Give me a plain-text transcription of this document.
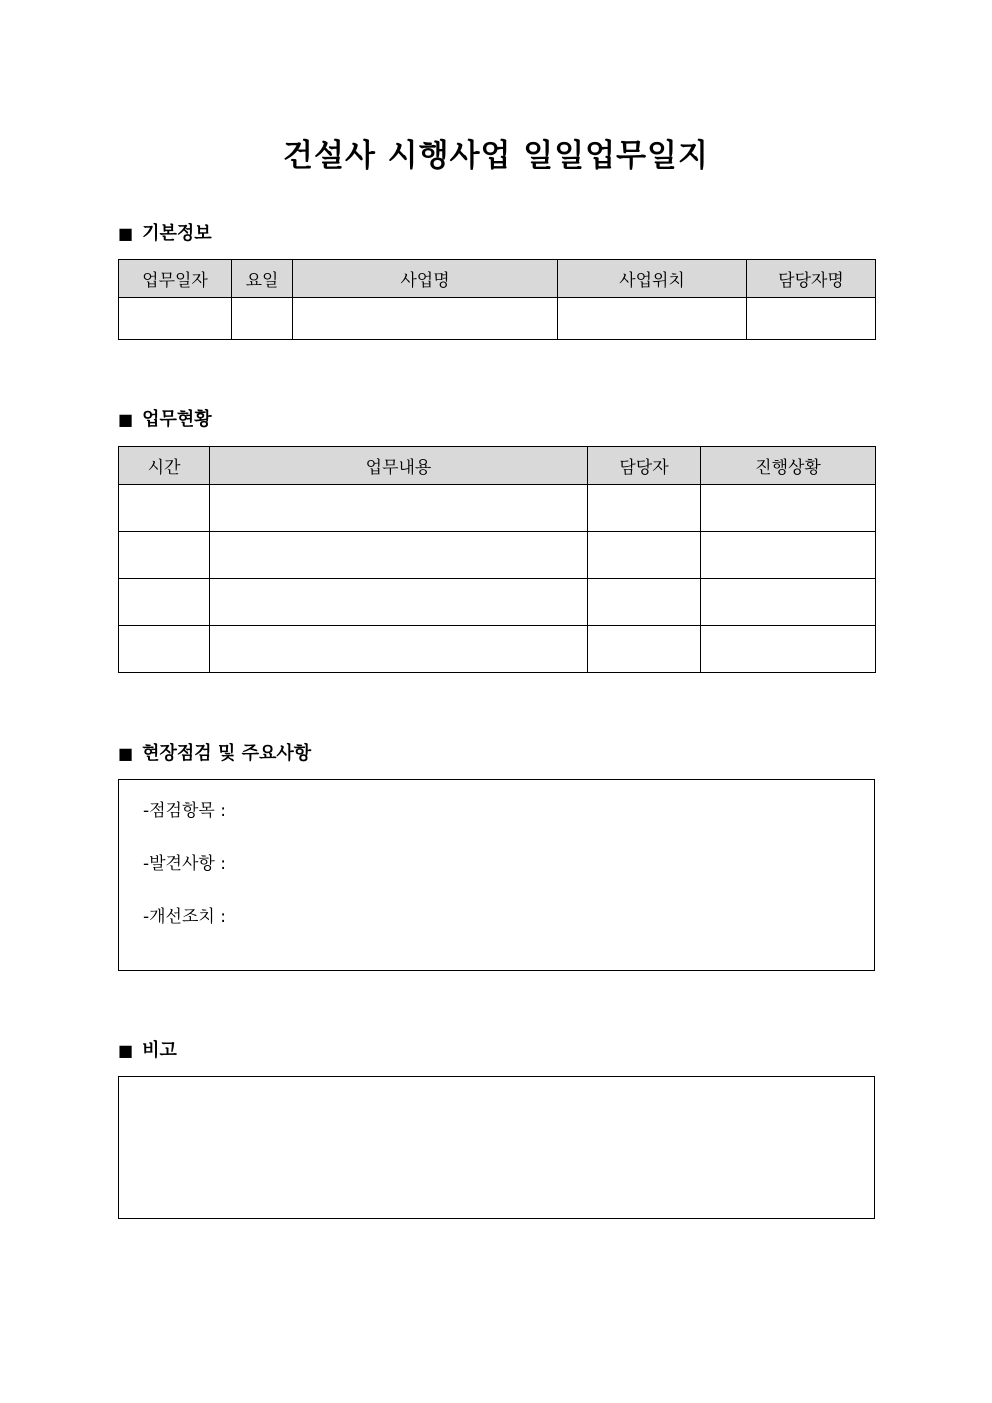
건설사 시행사업 일일업무일지
■ 기본정보
업무일자	요일	사업명	사업위치	담당자명

■ 업무현황
시간	업무내용	담당자	진행상황

■ 현장점검 및 주요사항
-점검항목 :
-발견사항 :
-개선조치 :
■ 비고
